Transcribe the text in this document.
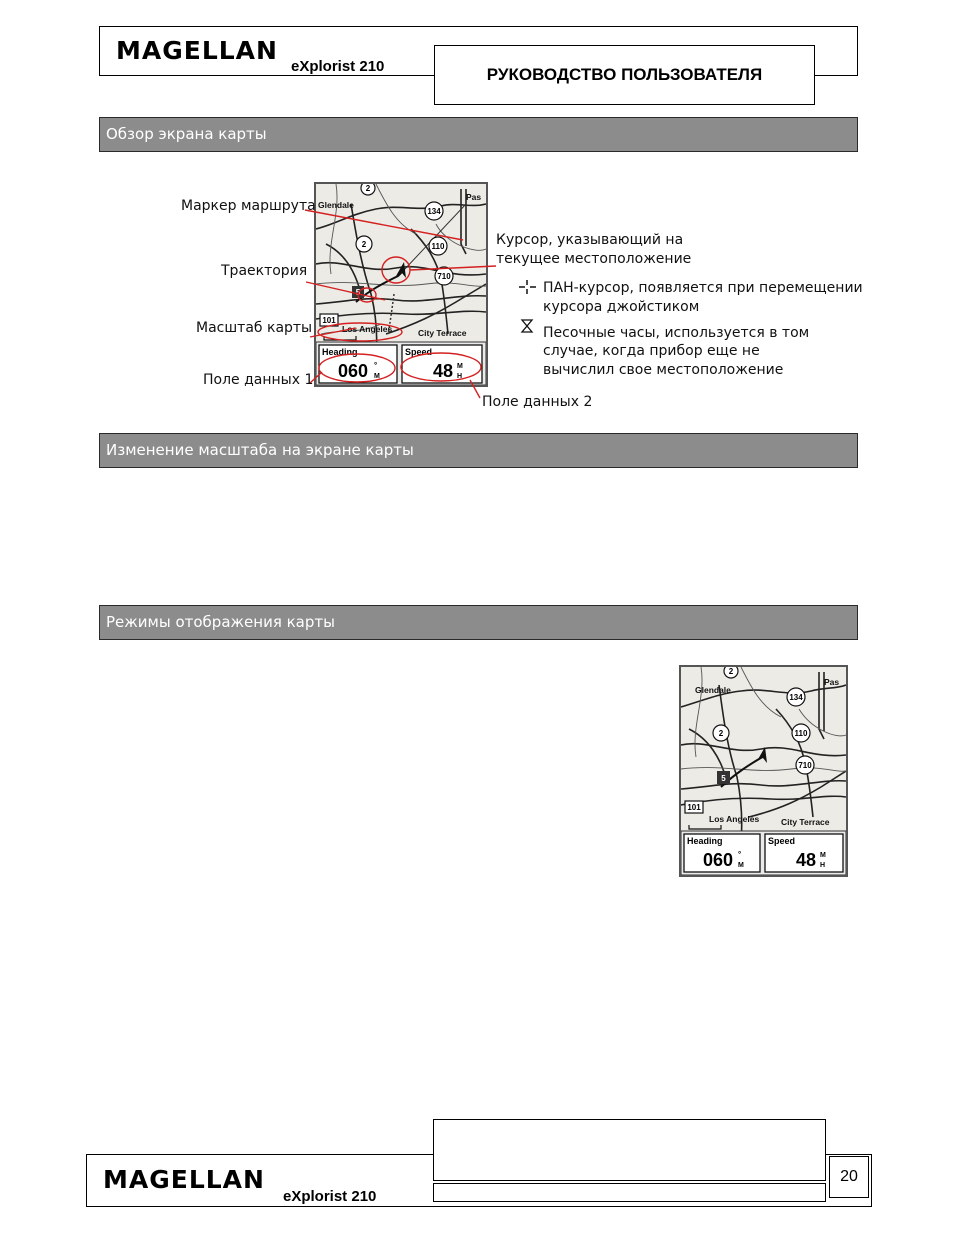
MAGELLAN
eXplorist 210	РУКОВОДСТВО ПОЛЬЗОВАТЕЛЯ
Обзор экрана карты
Изменение масштаба на экране карты
Режимы отображения карты
2
2
134
110
710
101
5
Glendale
Pas
Los Angeles	City Terrace
Heading
060 °
M
Speed
48 M
H
Маркер маршрута
Траектория
Масштаб карты
Поле данных 1
Поле данных 2
Курсор, указывающий на
текущее местоположение
ПАН-курсор, появляется при перемещении
курсора джойстиком
Песочные часы, используется в том
случае, когда прибор еще не
вычислил свое местоположение
2
2
134
110
710
101
5
Glendale
Pas
Los Angeles	City Terrace
Heading
060 °
M
Speed
48 M
H
MAGELLAN
eXplorist 210
20
